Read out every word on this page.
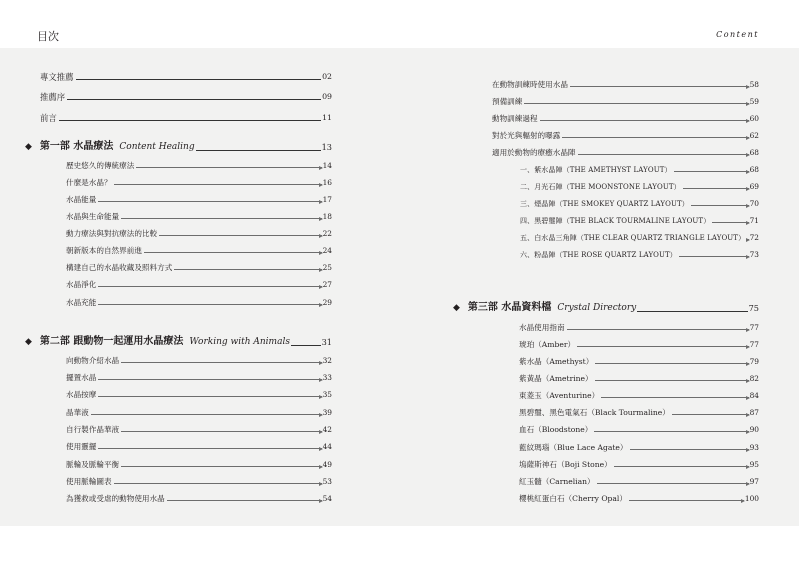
目次	Content
專文推薦	02
推薦序	09
前言	11
◆ 第一部 水晶療法 Content Healing	13
歷史悠久的傳統療法	14
什麼是水晶？	16
水晶能量	17
水晶與生命能量	18
動力療法與對抗療法的比較	22
朝新版本的自然界前進	24
構建自己的水晶收藏及照料方式	25
水晶淨化	27
水晶充能	29
◆ 第二部 跟動物一起運用水晶療法 Working with Animals	31
向動物介紹水晶	32
擺置水晶	33
水晶按摩	35
晶華液	39
自行製作晶華液	42
使用靈擺	44
脈輪及脈輪平衡	49
使用脈輪圖表	53
為獲救或受虐的動物使用水晶	54
在動物訓練時使用水晶	58
預備訓練	59
動物訓練過程	60
對於光與輻射的曝露	62
適用於動物的療癒水晶陣	68
一、紫水晶陣（THE AMETHYST LAYOUT）	68
二、月光石陣（THE MOONSTONE LAYOUT）	69
三、煙晶陣（THE SMOKEY QUARTZ LAYOUT）	70
四、黑碧璽陣（THE BLACK TOURMALINE LAYOUT）	71
五、白水晶三角陣（THE CLEAR QUARTZ TRIANGLE LAYOUT） 72
六、粉晶陣（THE ROSE QUARTZ LAYOUT）	73
◆ 第三部 水晶資料檔 Crystal Directory	75
水晶使用指南	77
琥珀（Amber）	77
紫水晶（Amethyst）	79
紫黃晶（Ametrine）	82
東菱玉（Aventurine）	84
黑碧璽、黑色電氣石（Black Tourmaline）	87
血石（Bloodstone）	90
藍紋瑪瑙（Blue Lace Agate）	93
塢薩斯神石（Boji Stone）	95
紅玉髓（Carnelian）	97
櫻桃紅蛋白石（Cherry Opal）	100
